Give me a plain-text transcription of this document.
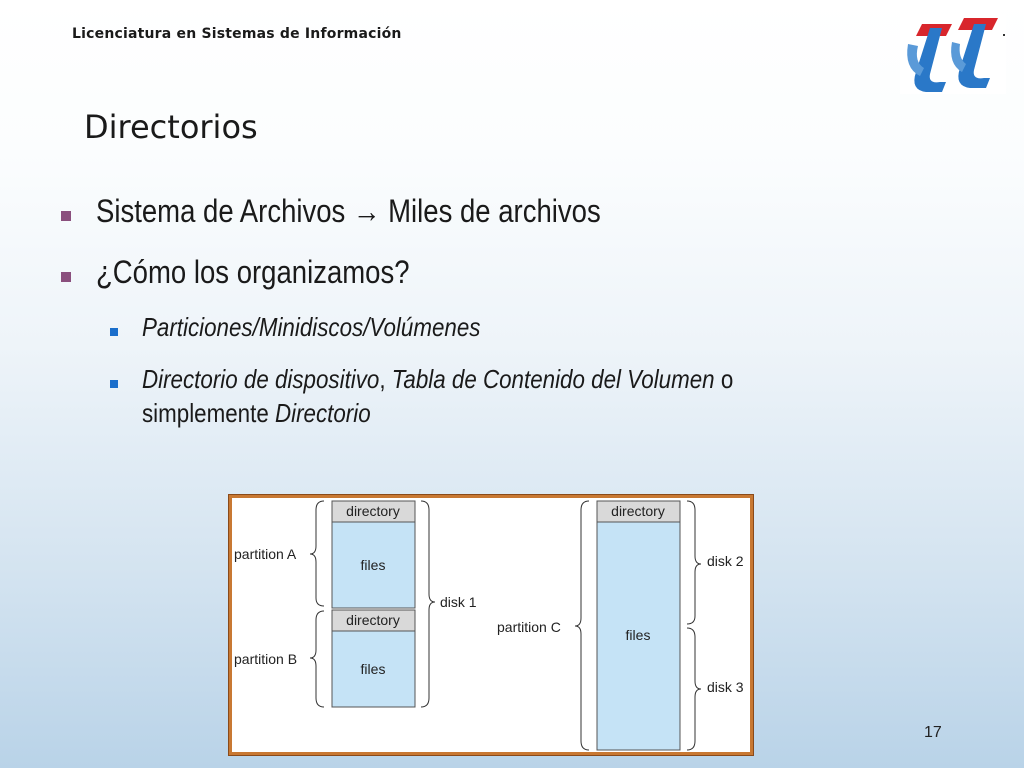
Licenciatura en Sistemas de Información
Directorios
Sistema de Archivos → Miles de archivos
¿Cómo los organizamos?
Particiones/Minidiscos/Volúmenes
Directorio de dispositivo, Tabla de Contenido del Volumen o
simplemente Directorio
directory
files
directory
files
partition A
partition B
disk 1
directory
files
partition C
disk 2
disk 3
17
